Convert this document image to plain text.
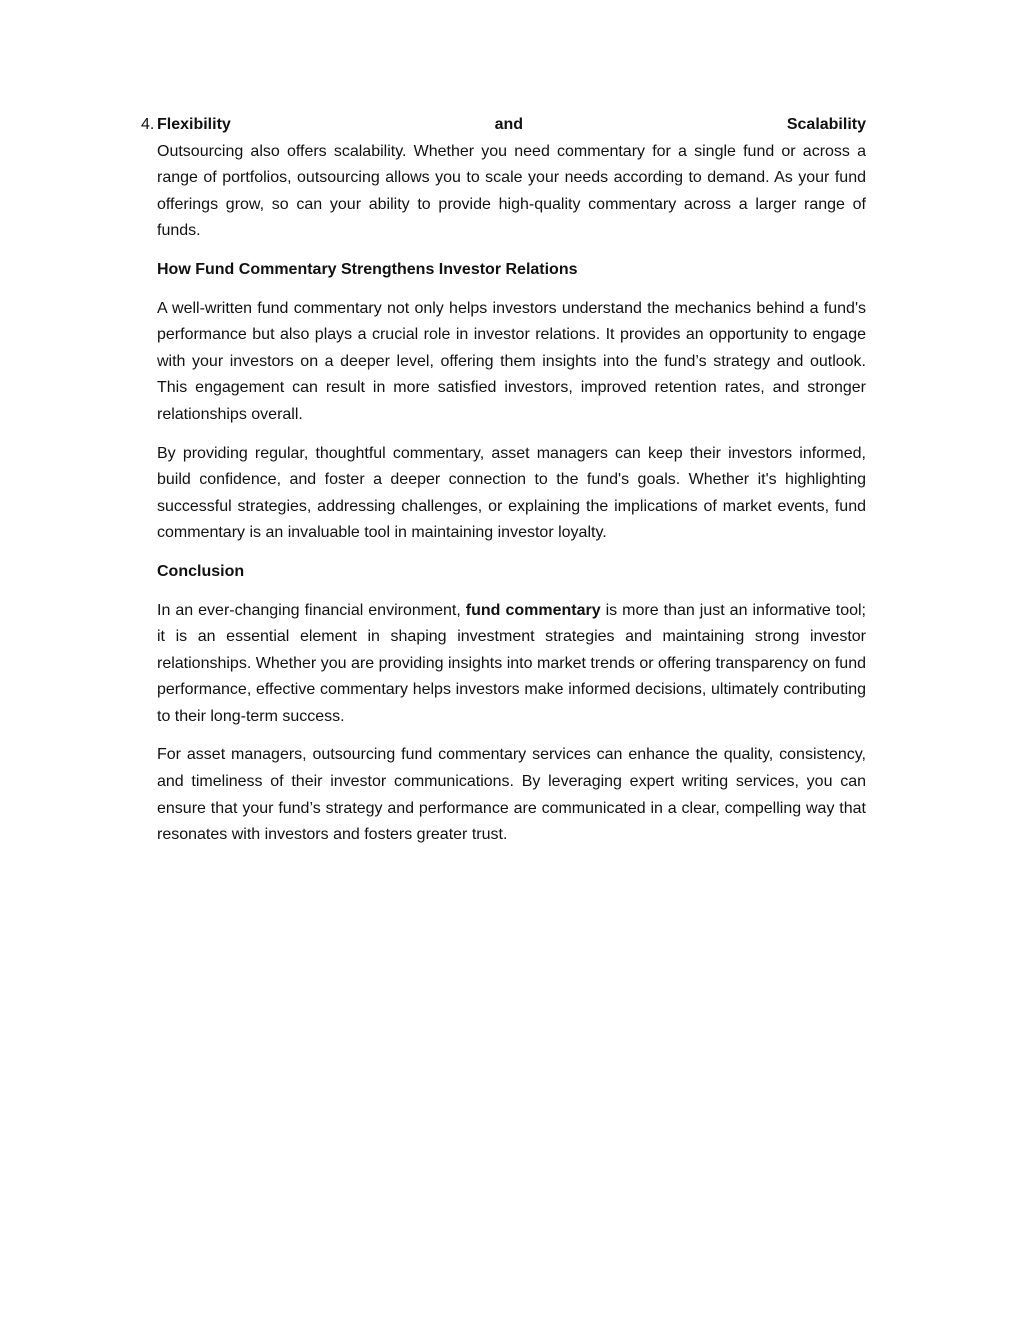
4. Flexibility	and	Scalability
Outsourcing also offers scalability. Whether you need commentary for a single fund or across a range of portfolios, outsourcing allows you to scale your needs according to demand. As your fund offerings grow, so can your ability to provide high-quality commentary across a larger range of funds.
How Fund Commentary Strengthens Investor Relations

A well-written fund commentary not only helps investors understand the mechanics behind a fund's performance but also plays a crucial role in investor relations. It provides an opportunity to engage with your investors on a deeper level, offering them insights into the fund’s strategy and outlook. This engagement can result in more satisfied investors, improved retention rates, and stronger relationships overall.

By providing regular, thoughtful commentary, asset managers can keep their investors informed, build confidence, and foster a deeper connection to the fund's goals. Whether it's highlighting successful strategies, addressing challenges, or explaining the implications of market events, fund commentary is an invaluable tool in maintaining investor loyalty.

Conclusion

In an ever-changing financial environment, fund commentary is more than just an informative tool; it is an essential element in shaping investment strategies and maintaining strong investor relationships. Whether you are providing insights into market trends or offering transparency on fund performance, effective commentary helps investors make informed decisions, ultimately contributing to their long-term success.

For asset managers, outsourcing fund commentary services can enhance the quality, consistency, and timeliness of their investor communications. By leveraging expert writing services, you can ensure that your fund’s strategy and performance are communicated in a clear, compelling way that resonates with investors and fosters greater trust.
